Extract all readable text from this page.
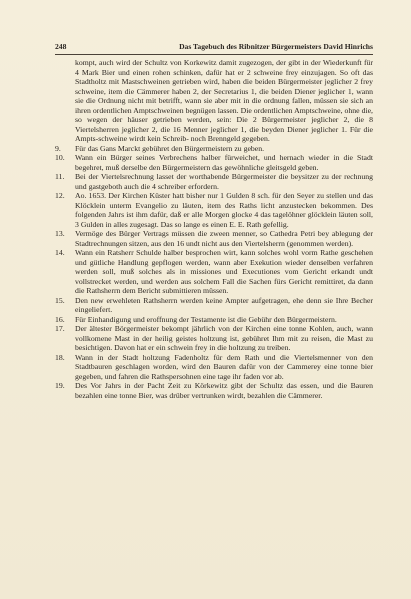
248	Das Tagebuch des Ribnitzer Bürgermeisters David Hinrichs

kompt, auch wird der Schultz von Korkewitz damit zugezogen, der gibt in der Wiederkunft für 4 Mark Bier und einen rohen schinken, dafür hat er 2 schweine frey einzujagen. So oft das Stadtholtz mit Mastschweinen getrieben wird, haben die beiden Bürgermeister jeglicher 2 frey schweine, item die Cämmerer haben 2, der Secretarius 1, die beiden Diener jeglicher 1, wann sie die Ordnung nicht mit betrifft, wann sie aber mit in die ordnung fallen, müssen sie sich an ihren ordentlichen Amptschweinen begnügen lassen. Die ordentlichen Amptschweine, ohne die, so wegen der häuser getrieben werden, sein: Die 2 Bürgermeister jeglicher 2, die 8 Viertelsherren jeglicher 2, die 16 Menner jeglicher 1, die beyden Diener jeglicher 1. Für die Ampts-schweine wirdt kein Schreib- noch Brenngeld gegeben.

9.	Für das Gans Marckt gebühret den Bürgermeistern zu geben.
10.	Wann ein Bürger seines Verbrechens halber fürweichet, und hernach wieder in die Stadt begehret, muß derselbe den Bürgermeistern das gewöhnliche gleitsgeld geben.
11.	Bei der Viertelsrechnung lasset der worthabende Bürgermeister die beysitzer zu der rechnung und gastgeboth auch die 4 schreiber erfordern.
12.	Ao. 1653. Der Kirchen Küster hatt bisher nur 1 Gulden 8 sch. für den Seyer zu stellen und das Klöcklein unterm Evangelio zu läuten, item des Raths licht anzustecken bekommen. Des folgenden Jahrs ist ihm dafür, daß er alle Morgen glocke 4 das tagelöhner glöcklein läuten soll, 3 Gulden in alles zugesagt. Das so lange es einen E. E. Rath gefellig.
13.	Vermöge des Bürger Vertrags müssen die zween menner, so Cathedra Petri bey ablegung der Stadtrechnungen sitzen, aus den 16 undt nicht aus den Viertelsherrn (genommen werden).
14.	Wann ein Ratsherr Schulde halber besprochen wirt, kann solches wohl vorm Rathe geschehen und gütliche Handlung gepflogen werden, wann aber Exekution wieder denselben verfahren werden soll, muß solches als in missiones und Executiones vom Gericht erkandt undt vollstrecket werden, und werden aus solchem Fall die Sachen fürs Gericht remittiret, da dann die Rathsherrn dem Bericht submittieren müssen.
15.	Den new erwehleten Rathsherrn werden keine Ampter aufgetragen, ehe denn sie Ihre Becher eingeliefert.
16.	Für Einhandigung und eroffnung der Testamente ist die Gebühr den Bürgermeistern.
17.	Der ältester Börgermeister bekompt jährlich von der Kirchen eine tonne Kohlen, auch, wann vollkomene Mast in der heilig geistes holtzung ist, gebühret Ihm mit zu reisen, die Mast zu besichtigen. Davon hat er ein schwein frey in die holtzung zu treiben.
18.	Wann in der Stadt holtzung Fadenholtz für dem Rath und die Viertelsmenner von den Stadtbauren geschlagen worden, wird den Bauren dafür von der Cammerey eine tonne bier gegeben, und fahren die Rathspersohnen eine tage ihr faden vor ab.
19.	Des Vor Jahrs in der Pacht Zeit zu Körkewitz gibt der Schultz das essen, und die Bauren bezahlen eine tonne Bier, was drüber vertrunken wirdt, bezahlen die Cämmerer.
